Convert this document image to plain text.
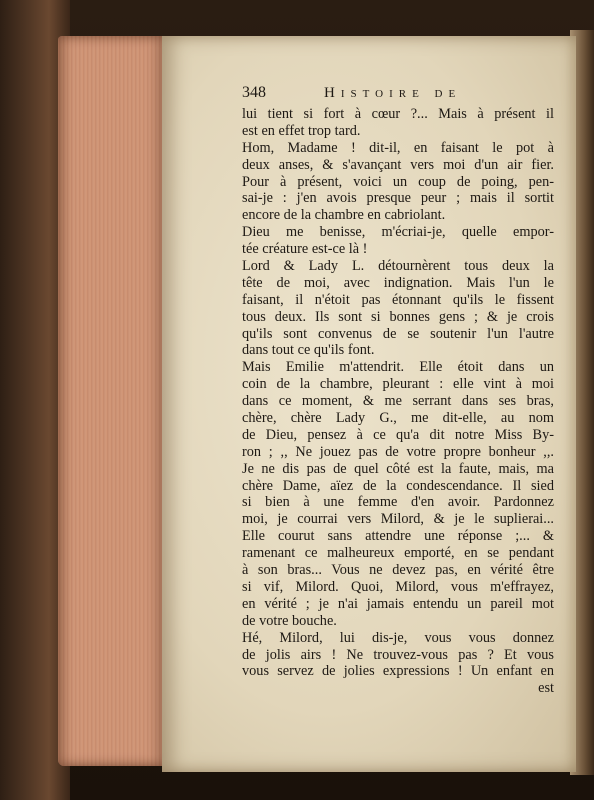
348	Histoire de
lui tient si fort à cœur ?... Mais à présent il
est en effet trop tard.
Hom, Madame ! dit-il, en faisant le pot à
deux anses, & s'avançant vers moi d'un air fier.
Pour à présent, voici un coup de poing, pen-
sai-je : j'en avois presque peur ; mais il sortit
encore de la chambre en cabriolant.
Dieu me benisse, m'écriai-je, quelle empor-
tée créature est-ce là !
Lord & Lady L. détournèrent tous deux la
tête de moi, avec indignation. Mais l'un le
faisant, il n'étoit pas étonnant qu'ils le fissent
tous deux. Ils sont si bonnes gens ; & je crois
qu'ils sont convenus de se soutenir l'un l'autre
dans tout ce qu'ils font.
Mais Emilie m'attendrit. Elle étoit dans un
coin de la chambre, pleurant : elle vint à moi
dans ce moment, & me serrant dans ses bras,
chère, chère Lady G., me dit-elle, au nom
de Dieu, pensez à ce qu'a dit notre Miss By-
ron ; ,, Ne jouez pas de votre propre bonheur ,,.
Je ne dis pas de quel côté est la faute, mais, ma
chère Dame, aïez de la condescendance. Il sied
si bien à une femme d'en avoir. Pardonnez
moi, je courrai vers Milord, & je le suplierai...
Elle courut sans attendre une réponse ;... &
ramenant ce malheureux emporté, en se pendant
à son bras... Vous ne devez pas, en vérité être
si vif, Milord. Quoi, Milord, vous m'effrayez,
en vérité ; je n'ai jamais entendu un pareil mot
de votre bouche.
Hé, Milord, lui dis-je, vous vous donnez
de jolis airs ! Ne trouvez-vous pas ? Et vous
vous servez de jolies expressions ! Un enfant en
est
